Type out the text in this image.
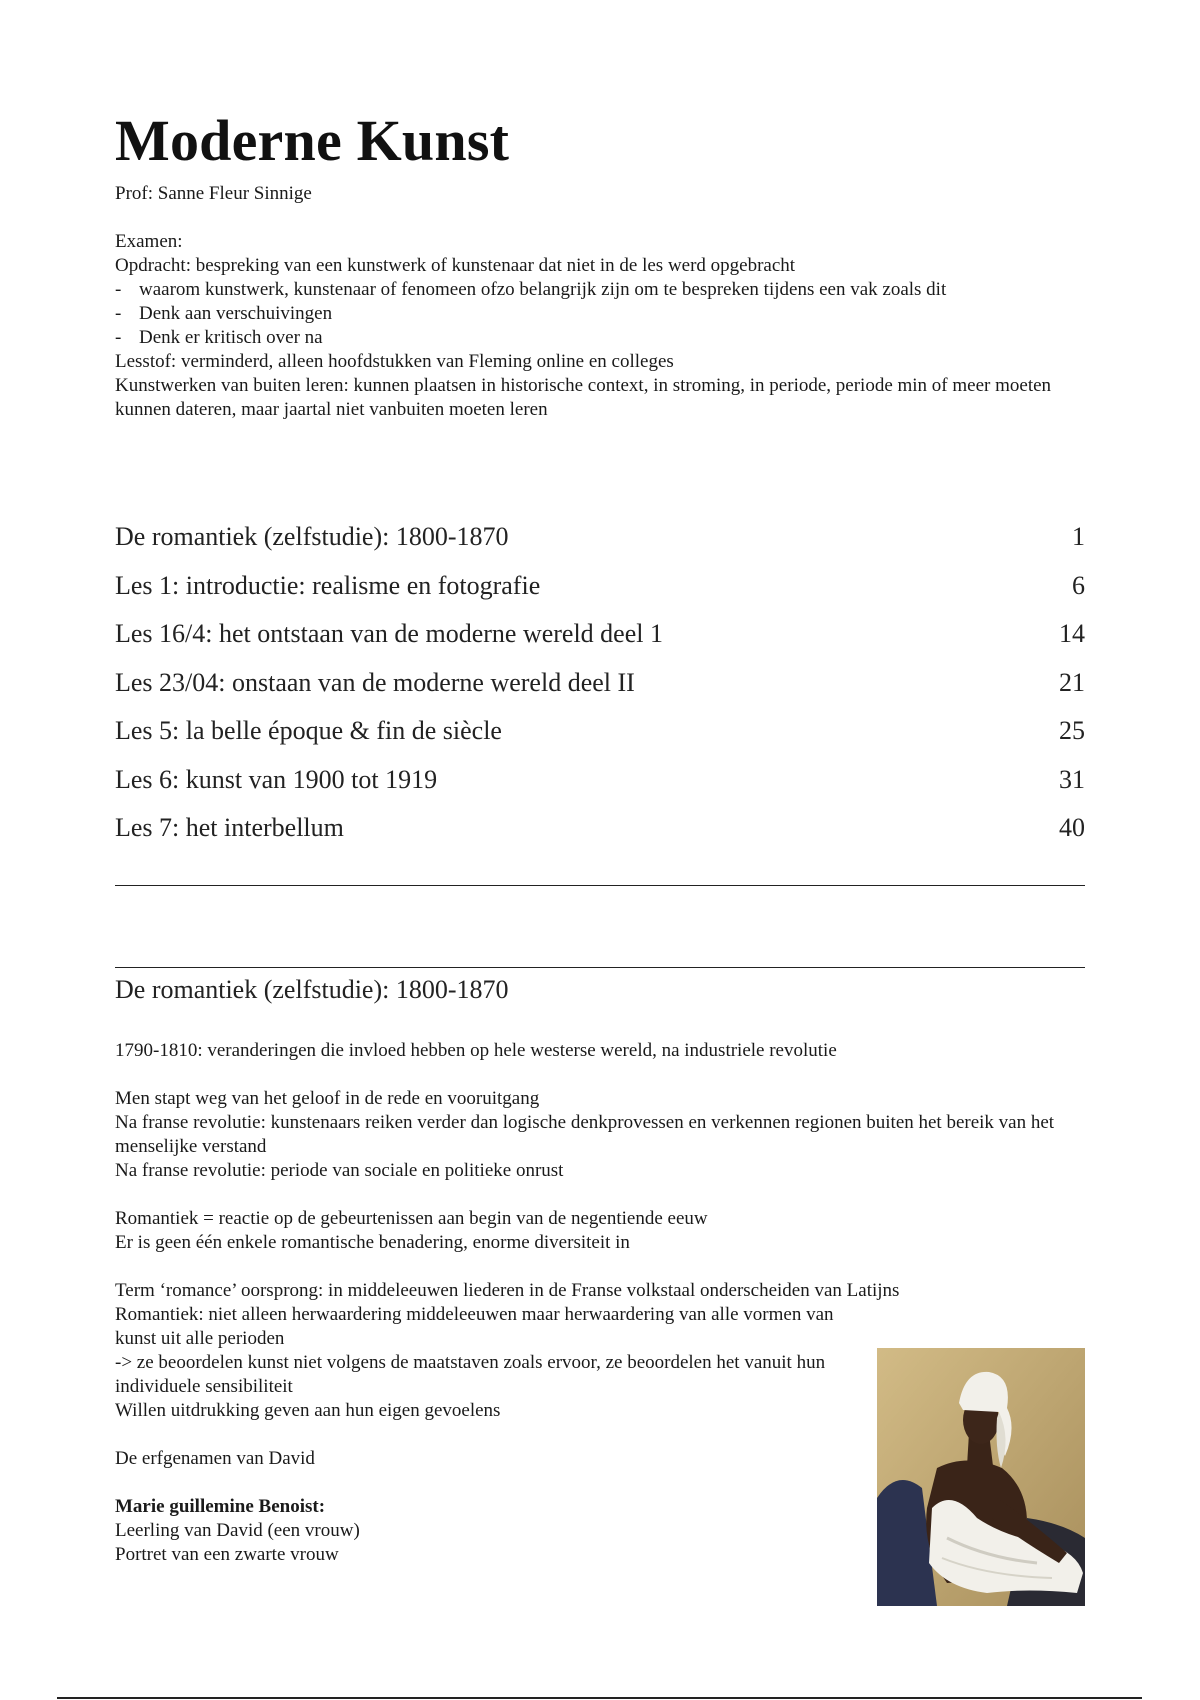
Moderne Kunst
Prof: Sanne Fleur Sinnige
Examen:
Opdracht: bespreking van een kunstwerk of kunstenaar dat niet in de les werd opgebracht
- waarom kunstwerk, kunstenaar of fenomeen ofzo belangrijk zijn om te bespreken tijdens een vak zoals dit
- Denk aan verschuivingen
- Denk er kritisch over na
Lesstof: verminderd, alleen hoofdstukken van Fleming online en colleges
Kunstwerken van buiten leren: kunnen plaatsen in historische context, in stroming, in periode, periode min of meer moeten kunnen dateren, maar jaartal niet vanbuiten moeten leren
De romantiek (zelfstudie): 1800-1870	1
Les 1: introductie: realisme en fotografie	6
Les 16/4: het ontstaan van de moderne wereld deel 1	14
Les 23/04: onstaan van de moderne wereld deel II	21
Les 5: la belle époque & fin de siècle	25
Les 6: kunst van 1900 tot 1919	31
Les 7: het interbellum	40
De romantiek (zelfstudie): 1800-1870

1790-1810: veranderingen die invloed hebben op hele westerse wereld, na industriele revolutie

Men stapt weg van het geloof in de rede en vooruitgang
Na franse revolutie: kunstenaars reiken verder dan logische denkprovessen en verkennen regionen buiten het bereik van het menselijke verstand
Na franse revolutie: periode van sociale en politieke onrust

Romantiek = reactie op de gebeurtenissen aan begin van de negentiende eeuw
Er is geen één enkele romantische benadering, enorme diversiteit in

Term ‘romance’ oorsprong: in middeleeuwen liederen in de Franse volkstaal onderscheiden van Latijns
Romantiek: niet alleen herwaardering middeleeuwen maar herwaardering van alle vormen van kunst uit alle perioden
-> ze beoordelen kunst niet volgens de maatstaven zoals ervoor, ze beoordelen het vanuit hun individuele sensibiliteit
Willen uitdrukking geven aan hun eigen gevoelens

De erfgenamen van David

Marie guillemine Benoist:
Leerling van David (een vrouw)
Portret van een zwarte vrouw
